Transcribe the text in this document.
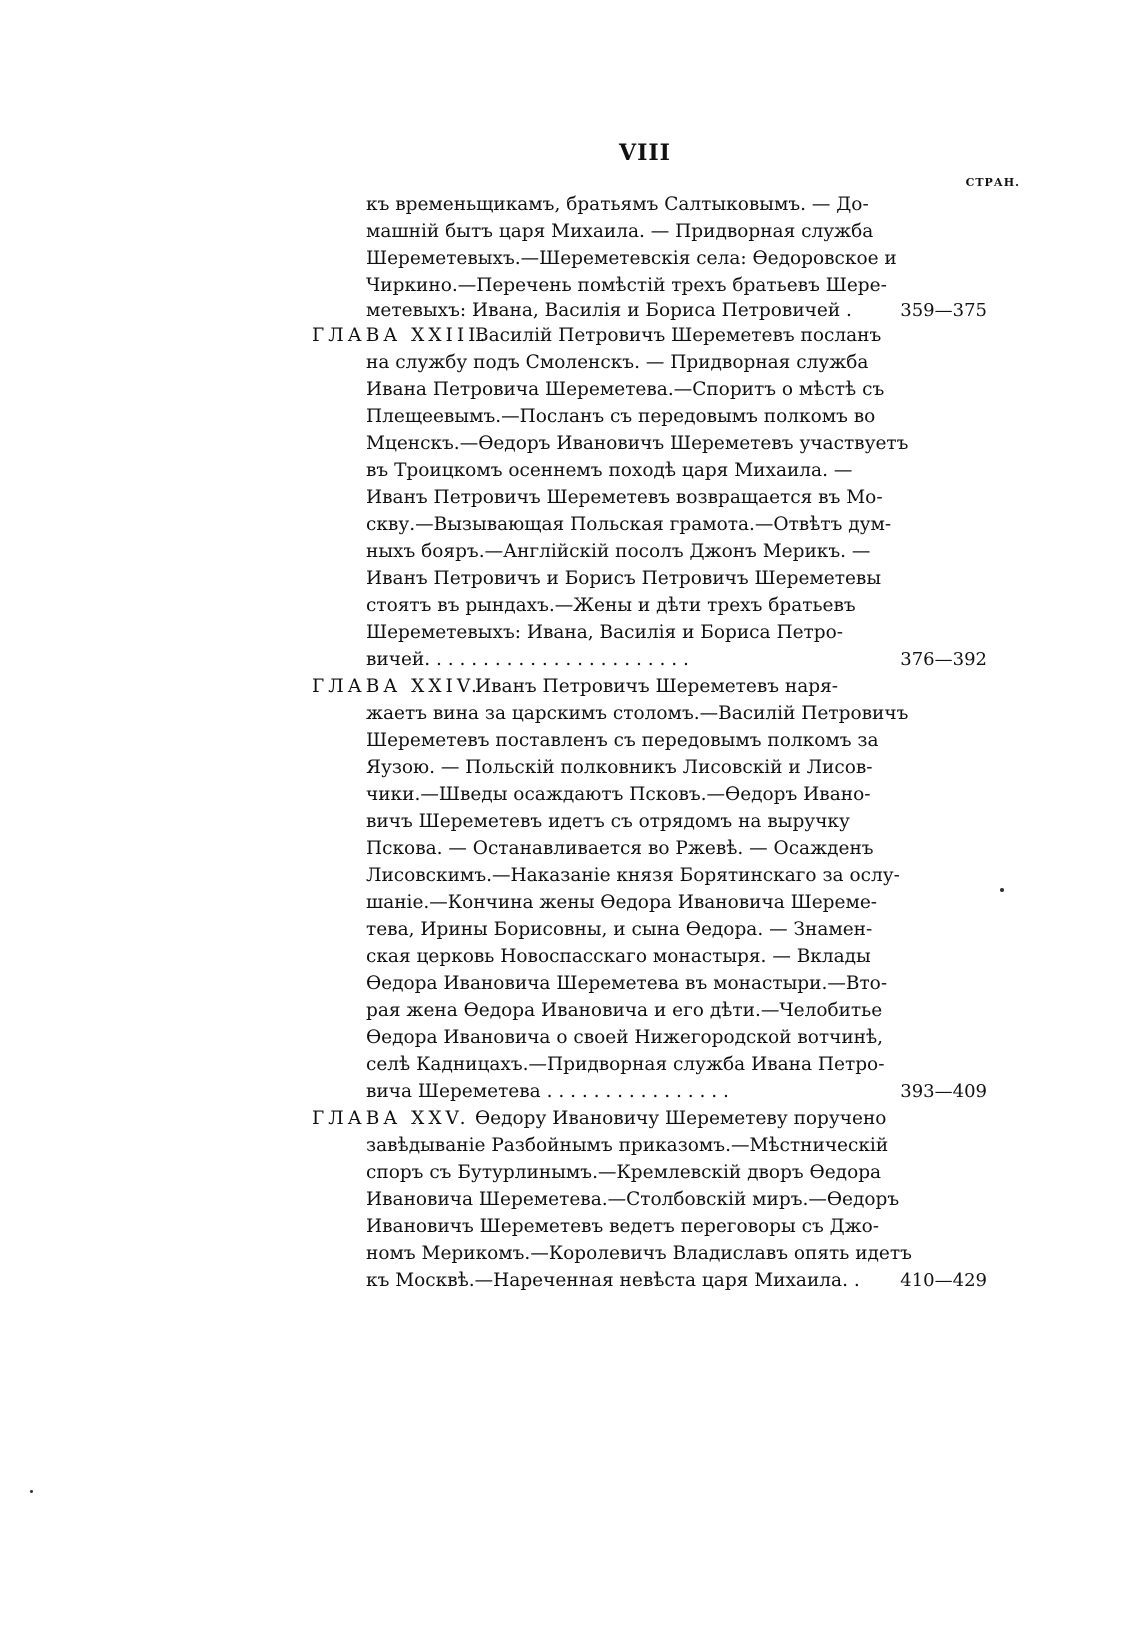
VIII
СТРАН.
къ временьщикамъ, братьямъ Салтыковымъ. — До-
машній бытъ царя Михаила. — Придворная служба
Шереметевыхъ.—Шереметевскія села: Ѳедоровское и
Чиркино.—Перечень помѣстій трехъ братьевъ Шере-
метевыхъ: Ивана, Василія и Бориса Петровичей .	359—375
ГЛАВА XXIII.
Василій Петровичъ Шереметевъ посланъ
на службу подъ Смоленскъ. — Придворная служба
Ивана Петровича Шереметева.—Споритъ о мѣстѣ съ
Плещеевымъ.—Посланъ съ передовымъ полкомъ во
Мценскъ.—Ѳедоръ Ивановичъ Шереметевъ участвуетъ
въ Троицкомъ осеннемъ походѣ царя Михаила. —
Иванъ Петровичъ Шереметевъ возвращается въ Мо-
скву.—Вызывающая Польская грамота.—Отвѣтъ дум-
ныхъ бояръ.—Англійскій посолъ Джонъ Мерикъ. —
Иванъ Петровичъ и Борисъ Петровичъ Шереметевы
стоятъ въ рындахъ.—Жены и дѣти трехъ братьевъ
Шереметевыхъ: Ивана, Василія и Бориса Петро-
вичей. . . . . . . . . . . . . . . . . . . . . . .	376—392
ГЛАВА XXIV.
Иванъ Петровичъ Шереметевъ наря-
жаетъ вина за царскимъ столомъ.—Василій Петровичъ
Шереметевъ поставленъ съ передовымъ полкомъ за
Яузою. — Польскій полковникъ Лисовскій и Лисов-
чики.—Шведы осаждаютъ Псковъ.—Ѳедоръ Ивано-
вичъ Шереметевъ идетъ съ отрядомъ на выручку
Пскова. — Останавливается во Ржевѣ. — Осажденъ
Лисовскимъ.—Наказаніе князя Борятинскаго за ослу-
шаніе.—Кончина жены Ѳедора Ивановича Шереме-
тева, Ирины Борисовны, и сына Ѳедора. — Знамен-
ская церковь Новоспасскаго монастыря. — Вклады
Ѳедора Ивановича Шереметева въ монастыри.—Вто-
рая жена Ѳедора Ивановича и его дѣти.—Челобитье
Ѳедора Ивановича о своей Нижегородской вотчинѣ,
селѣ Кадницахъ.—Придворная служба Ивана Петро-
вича Шереметева . . . . . . . . . . . . . . . .	393—409
ГЛАВА XXV. Ѳедору Ивановичу Шереметеву поручено
завѣдываніе Разбойнымъ приказомъ.—Мѣстническій
споръ съ Бутурлинымъ.—Кремлевскій дворъ Ѳедора
Ивановича Шереметева.—Столбовскій миръ.—Ѳедоръ
Ивановичъ Шереметевъ ведетъ переговоры съ Джо-
номъ Мерикомъ.—Королевичъ Владиславъ опять идетъ
къ Москвѣ.—Нареченная невѣста царя Михаила. . 410—429
